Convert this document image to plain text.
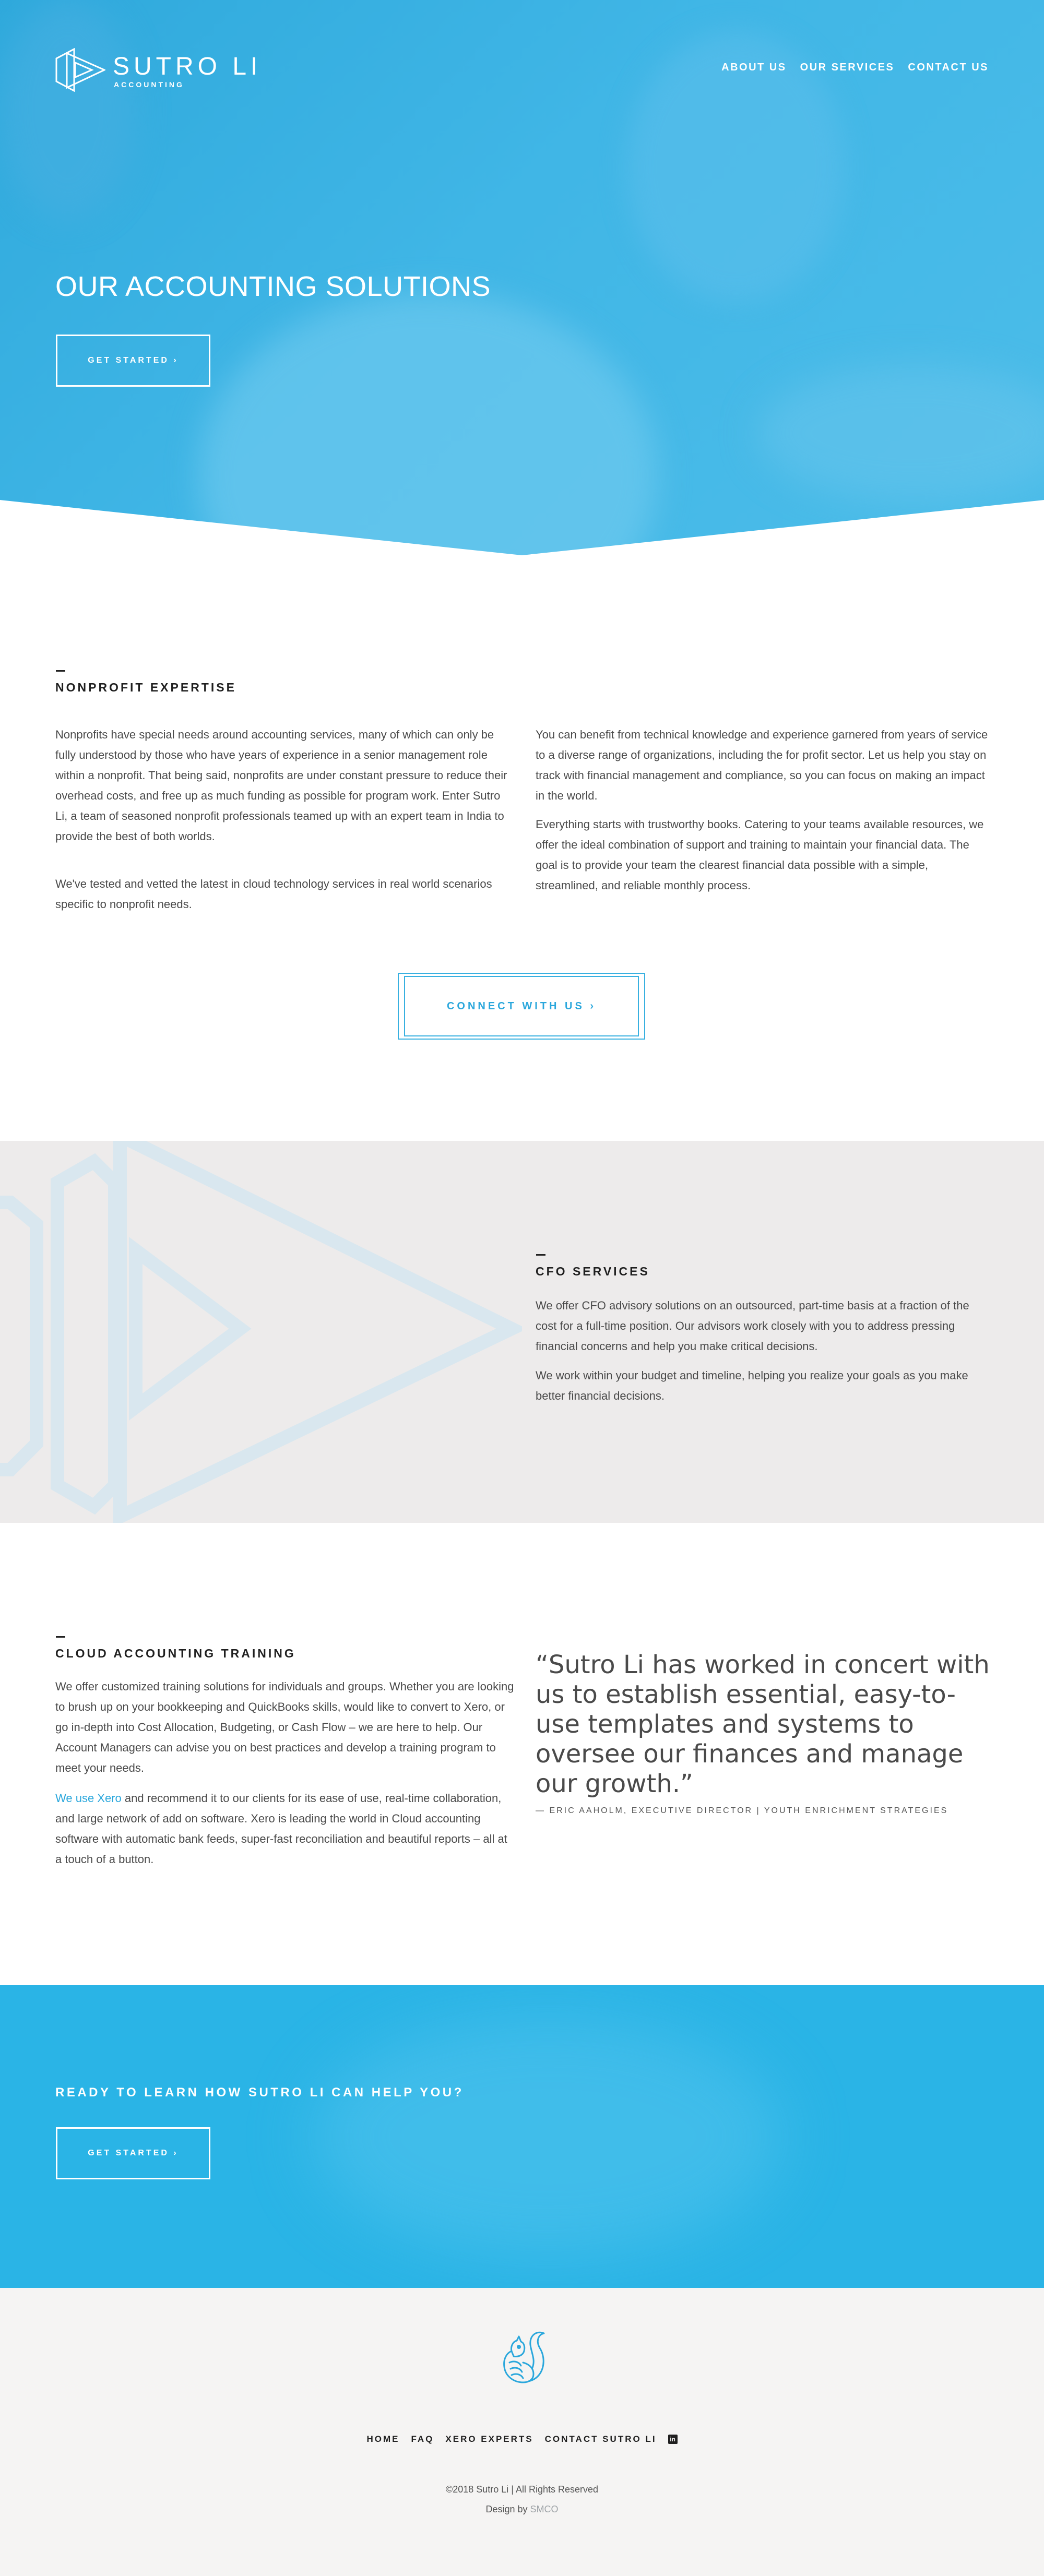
SUTRO LI
ACCOUNTING
ABOUT US OUR SERVICES CONTACT US
OUR ACCOUNTING SOLUTIONS
GET STARTED ›
NONPROFIT EXPERTISE

Nonprofits have special needs around accounting services, many of which can only be fully understood by those who have years of experience in a senior management role within a nonprofit. That being said, nonprofits are under constant pressure to reduce their overhead costs, and free up as much funding as possible for program work. Enter Sutro Li, a team of seasoned nonprofit professionals teamed up with an expert team in India to provide the best of both worlds.

We've tested and vetted the latest in cloud technology services in real world scenarios specific to nonprofit needs.

You can benefit from technical knowledge and experience garnered from years of service to a diverse range of organizations, including the for profit sector. Let us help you stay on track with financial management and compliance, so you can focus on making an impact in the world.

Everything starts with trustworthy books. Catering to your teams available resources, we offer the ideal combination of support and training to maintain your financial data. The goal is to provide your team the clearest financial data possible with a simple, streamlined, and reliable monthly process.

CONNECT WITH US ›
CFO SERVICES

We offer CFO advisory solutions on an outsourced, part-time basis at a fraction of the cost for a full-time position. Our advisors work closely with you to address pressing financial concerns and help you make critical decisions.

We work within your budget and timeline, helping you realize your goals as you make better financial decisions.

CLOUD ACCOUNTING TRAINING

We offer customized training solutions for individuals and groups. Whether you are looking to brush up on your bookkeeping and QuickBooks skills, would like to convert to Xero, or go in-depth into Cost Allocation, Budgeting, or Cash Flow – we are here to help. Our Account Managers can advise you on best practices and develop a training program to meet your needs.

We use Xero and recommend it to our clients for its ease of use, real-time collaboration, and large network of add on software. Xero is leading the world in Cloud accounting software with automatic bank feeds, super-fast reconciliation and beautiful reports – all at a touch of a button.

“Sutro Li has worked in concert with us to establish essential, easy-to-use templates and systems to oversee our finances and manage our growth.”
— ERIC AAHOLM, EXECUTIVE DIRECTOR | YOUTH ENRICHMENT STRATEGIES
READY TO LEARN HOW SUTRO LI CAN HELP YOU?
GET STARTED ›
HOME FAQ XERO EXPERTS CONTACT SUTRO LI	in
©2018 Sutro Li | All Rights Reserved
Design by SMCO
